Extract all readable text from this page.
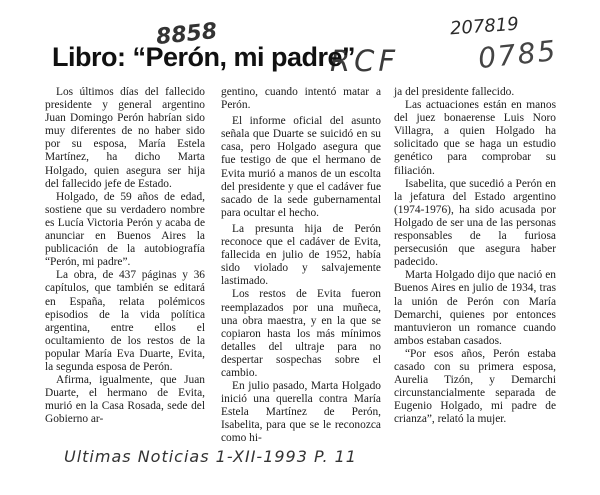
8858
RCF
207819
0785
Libro: “Perón, mi padre”

Los últimos días del fallecido presidente y general argentino Juan Domingo Perón habrían sido muy diferentes de no haber sido por su esposa, María Estela Martínez, ha dicho Marta Holgado, quien asegura ser hija del fallecido jefe de Estado.

Holgado, de 59 años de edad, sostiene que su verdadero nombre es Lucía Victoria Perón y acaba de anunciar en Buenos Aires la publicación de la autobiografía “Perón, mi padre”.

La obra, de 437 páginas y 36 capítulos, que también se editará en España, relata polémicos episodios de la vida política argentina, entre ellos el ocultamiento de los restos de la popular María Eva Duarte, Evita, la segunda esposa de Perón.

Afirma, igualmente, que Juan Duarte, el hermano de Evita, murió en la Casa Rosada, sede del Gobierno ar-

gentino, cuando intentó matar a Perón.

El informe oficial del asunto señala que Duarte se suicidó en su casa, pero Holgado asegura que fue testigo de que el hermano de Evita murió a manos de un escolta del presidente y que el cadáver fue sacado de la sede gubernamental para ocultar el hecho.

La presunta hija de Perón reconoce que el cadáver de Evita, fallecida en julio de 1952, había sido violado y salvajemente lastimado.

Los restos de Evita fueron reemplazados por una muñeca, una obra maestra, y en la que se copiaron hasta los más mínimos detalles del ultraje para no despertar sospechas sobre el cambio.

En julio pasado, Marta Holgado inició una querella contra María Estela Martínez de Perón, Isabelita, para que se le reconozca como hi-

ja del presidente fallecido.

Las actuaciones están en manos del juez bonaerense Luis Noro Villagra, a quien Holgado ha solicitado que se haga un estudio genético para comprobar su filiación.

Isabelita, que sucedió a Perón en la jefatura del Estado argentino (1974-1976), ha sido acusada por Holgado de ser una de las personas responsables de la furiosa persecusión que asegura haber padecido.

Marta Holgado dijo que nació en Buenos Aires en julio de 1934, tras la unión de Perón con María Demarchi, quienes por entonces mantuvieron un romance cuando ambos estaban casados.

“Por esos años, Perón estaba casado con su primera esposa, Aurelia Tizón, y Demarchi circunstancialmente separada de Eugenio Holgado, mi padre de crianza”, relató la mujer.

Ultimas Noticias 1-XII-1993 P. 11
